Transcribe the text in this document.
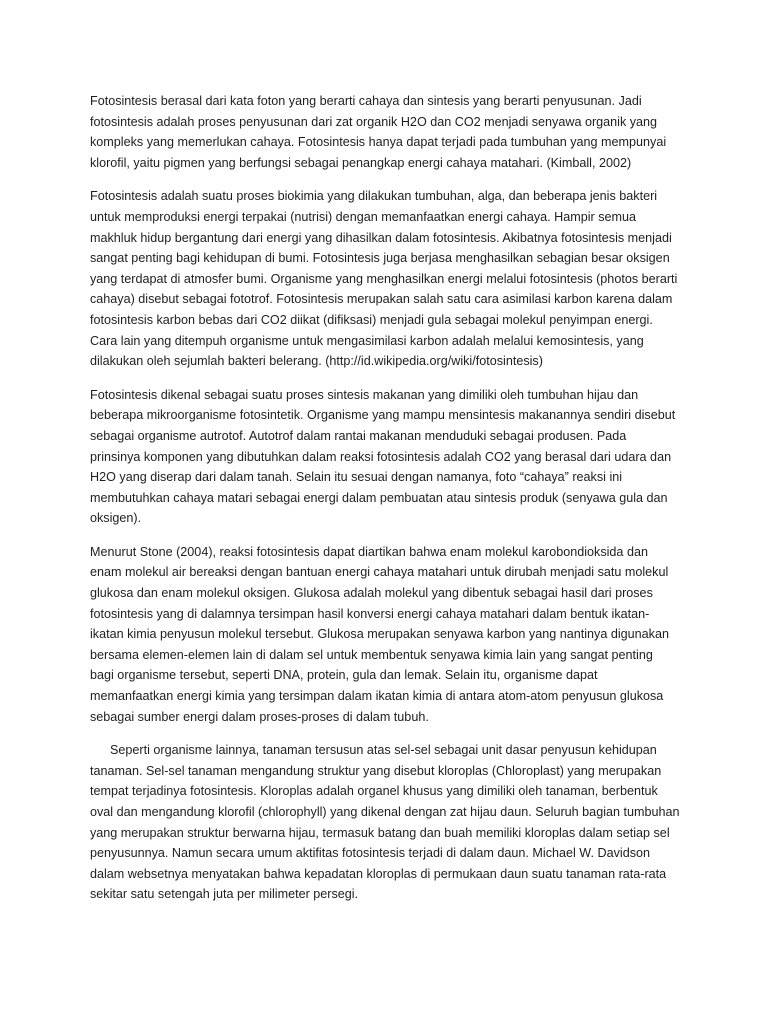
Fotosintesis berasal dari kata foton yang berarti cahaya dan sintesis yang berarti penyusunan. Jadi fotosintesis adalah proses penyusunan dari zat organik H2O dan CO2 menjadi senyawa organik yang kompleks yang memerlukan cahaya. Fotosintesis hanya dapat terjadi pada tumbuhan yang mempunyai klorofil, yaitu pigmen yang berfungsi sebagai penangkap energi cahaya matahari. (Kimball, 2002)

Fotosintesis adalah suatu proses biokimia yang dilakukan tumbuhan, alga, dan beberapa jenis bakteri untuk memproduksi energi terpakai (nutrisi) dengan memanfaatkan energi cahaya. Hampir semua makhluk hidup bergantung dari energi yang dihasilkan dalam fotosintesis. Akibatnya fotosintesis menjadi sangat penting bagi kehidupan di bumi. Fotosintesis juga berjasa menghasilkan sebagian besar oksigen yang terdapat di atmosfer bumi. Organisme yang menghasilkan energi melalui fotosintesis (photos berarti cahaya) disebut sebagai fototrof. Fotosintesis merupakan salah satu cara asimilasi karbon karena dalam fotosintesis karbon bebas dari CO2 diikat (difiksasi) menjadi gula sebagai molekul penyimpan energi. Cara lain yang ditempuh organisme untuk mengasimilasi karbon adalah melalui kemosintesis, yang dilakukan oleh sejumlah bakteri belerang. (http://id.wikipedia.org/wiki/fotosintesis)

Fotosintesis dikenal sebagai suatu proses sintesis makanan yang dimiliki oleh tumbuhan hijau dan beberapa mikroorganisme fotosintetik. Organisme yang mampu mensintesis makanannya sendiri disebut sebagai organisme autrotof. Autotrof dalam rantai makanan menduduki sebagai produsen. Pada prinsinya komponen yang dibutuhkan dalam reaksi fotosintesis adalah CO2 yang berasal dari udara dan H2O yang diserap dari dalam tanah. Selain itu sesuai dengan namanya, foto “cahaya” reaksi ini membutuhkan cahaya matari sebagai energi dalam pembuatan atau sintesis produk (senyawa gula dan oksigen).

Menurut Stone (2004), reaksi fotosintesis dapat diartikan bahwa enam molekul karobondioksida dan enam molekul air bereaksi dengan bantuan energi cahaya matahari untuk dirubah menjadi satu molekul glukosa dan enam molekul oksigen. Glukosa adalah molekul yang dibentuk sebagai hasil dari proses fotosintesis yang di dalamnya tersimpan hasil konversi energi cahaya matahari dalam bentuk ikatan-ikatan kimia penyusun molekul tersebut. Glukosa merupakan senyawa karbon yang nantinya digunakan bersama elemen-elemen lain di dalam sel untuk membentuk senyawa kimia lain yang sangat penting bagi organisme tersebut, seperti DNA, protein, gula dan lemak. Selain itu, organisme dapat memanfaatkan energi kimia yang tersimpan dalam ikatan kimia di antara atom-atom penyusun glukosa sebagai sumber energi dalam proses-proses di dalam tubuh.

Seperti organisme lainnya, tanaman tersusun atas sel-sel sebagai unit dasar penyusun kehidupan tanaman. Sel-sel tanaman mengandung struktur yang disebut kloroplas (Chloroplast) yang merupakan tempat terjadinya fotosintesis. Kloroplas adalah organel khusus yang dimiliki oleh tanaman, berbentuk oval dan mengandung klorofil (chlorophyll) yang dikenal dengan zat hijau daun. Seluruh bagian tumbuhan yang merupakan struktur berwarna hijau, termasuk batang dan buah memiliki kloroplas dalam setiap sel penyusunnya. Namun secara umum aktifitas fotosintesis terjadi di dalam daun. Michael W. Davidson dalam websetnya menyatakan bahwa kepadatan kloroplas di permukaan daun suatu tanaman rata-rata sekitar satu setengah juta per milimeter persegi.
